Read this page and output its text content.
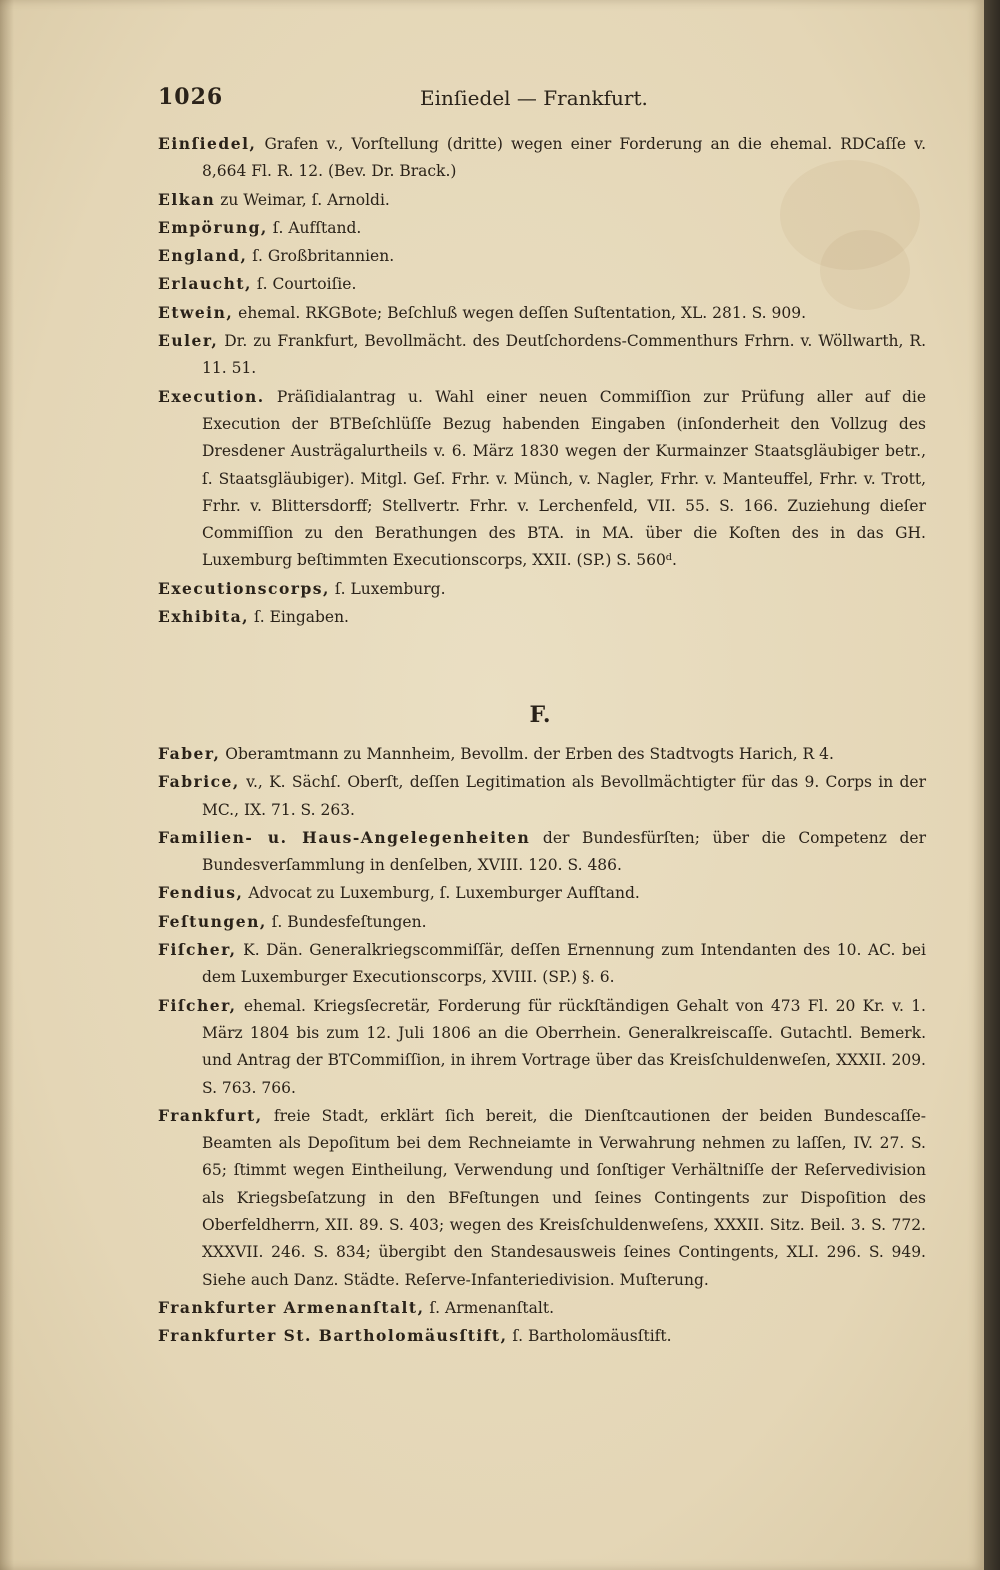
1026	Einſiedel — Frankfurt.

Einſiedel, Grafen v., Vorſtellung (dritte) wegen einer Forderung an die ehemal. RDCaſſe v. 8,664 Fl. R. 12. (Bev. Dr. Brack.)

Elkan zu Weimar, ſ. Arnoldi.

Empörung, ſ. Aufſtand.

England, ſ. Großbritannien.

Erlaucht, ſ. Courtoiſie.

Etwein, ehemal. RKGBote; Beſchluß wegen deſſen Suſtentation, XL. 281. S. 909.

Euler, Dr. zu Frankfurt, Bevollmächt. des Deutſchordens-Commenthurs Frhrn. v. Wöllwarth, R. 11. 51.

Execution. Präſidialantrag u. Wahl einer neuen Commiſſion zur Prüfung aller auf die Execution der BTBeſchlüſſe Bezug habenden Eingaben (inſonderheit den Vollzug des Dresdener Austrägalurtheils v. 6. März 1830 wegen der Kurmainzer Staatsgläubiger betr., ſ. Staatsgläubiger). Mitgl. Geſ. Frhr. v. Münch, v. Nagler, Frhr. v. Manteuffel, Frhr. v. Trott, Frhr. v. Blittersdorff; Stellvertr. Frhr. v. Lerchenfeld, VII. 55. S. 166. Zuziehung dieſer Commiſſion zu den Berathungen des BTA. in MA. über die Koſten des in das GH. Luxemburg beſtimmten Executionscorps, XXII. (SP.) S. 560ᵈ.

Executionscorps, ſ. Luxemburg.

Exhibita, ſ. Eingaben.

F.

Faber, Oberamtmann zu Mannheim, Bevollm. der Erben des Stadtvogts Harich, R 4.

Fabrice, v., K. Sächſ. Oberſt, deſſen Legitimation als Bevollmächtigter für das 9. Corps in der MC., IX. 71. S. 263.

Familien- u. Haus-Angelegenheiten der Bundesfürſten; über die Competenz der Bundesverſammlung in denſelben, XVIII. 120. S. 486.

Fendius, Advocat zu Luxemburg, ſ. Luxemburger Aufſtand.

Feſtungen, ſ. Bundesfeſtungen.

Fiſcher, K. Dän. Generalkriegscommiſſär, deſſen Ernennung zum Intendanten des 10. AC. bei dem Luxemburger Executionscorps, XVIII. (SP.) §. 6.

Fiſcher, ehemal. Kriegsſecretär, Forderung für rückſtändigen Gehalt von 473 Fl. 20 Kr. v. 1. März 1804 bis zum 12. Juli 1806 an die Oberrhein. Generalkreiscaſſe. Gutachtl. Bemerk. und Antrag der BTCommiſſion, in ihrem Vortrage über das Kreisſchuldenweſen, XXXII. 209. S. 763. 766.

Frankfurt, freie Stadt, erklärt ſich bereit, die Dienſtcautionen der beiden Bundescaſſe-Beamten als Depoſitum bei dem Rechneiamte in Verwahrung nehmen zu laſſen, IV. 27. S. 65; ſtimmt wegen Eintheilung, Verwendung und ſonſtiger Verhältniſſe der Reſervedivision als Kriegsbeſatzung in den BFeſtungen und ſeines Contingents zur Dispoſition des Oberfeldherrn, XII. 89. S. 403; wegen des Kreisſchuldenweſens, XXXII. Sitz. Beil. 3. S. 772. XXXVII. 246. S. 834; übergibt den Standesausweis ſeines Contingents, XLI. 296. S. 949. Siehe auch Danz. Städte. Reſerve-Infanteriedivision. Muſterung.

Frankfurter Armenanſtalt, ſ. Armenanſtalt.

Frankfurter St. Bartholomäusſtift, ſ. Bartholomäusſtift.
